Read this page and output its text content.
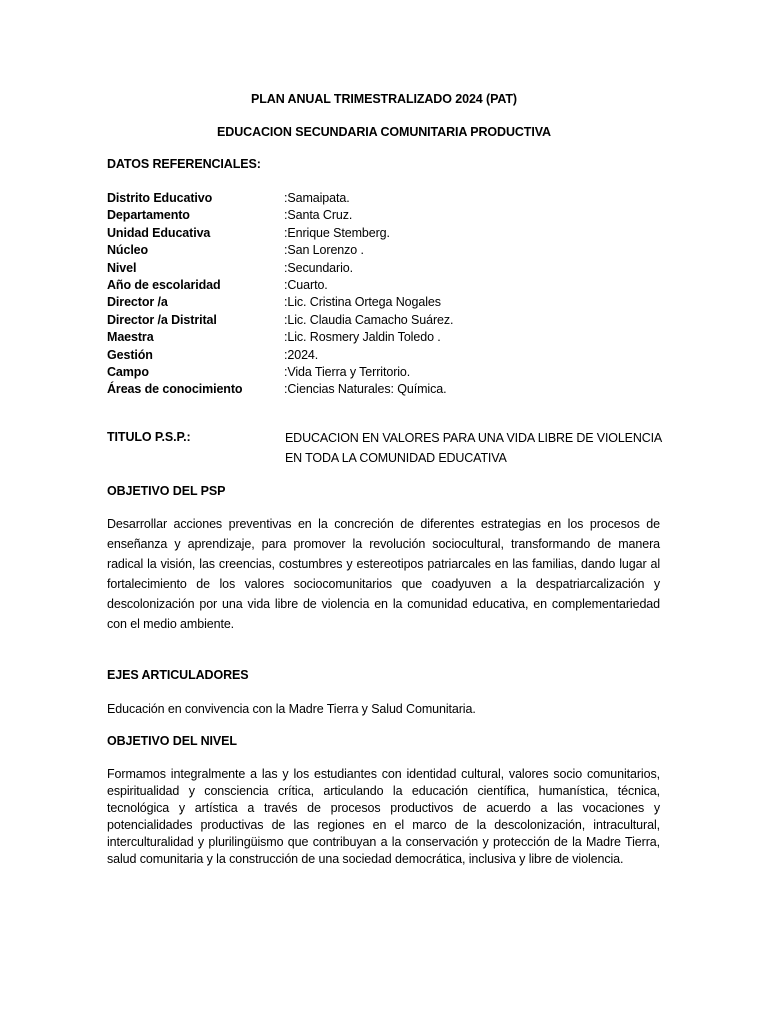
PLAN ANUAL TRIMESTRALIZADO 2024 (PAT)
EDUCACION SECUNDARIA COMUNITARIA PRODUCTIVA
DATOS REFERENCIALES:
Distrito Educativo	:Samaipata.
Departamento	:Santa Cruz.
Unidad Educativa	:Enrique Stemberg.
Núcleo	:San Lorenzo .
Nivel	:Secundario.
Año de escolaridad	:Cuarto.
Director /a	:Lic. Cristina Ortega Nogales
Director /a Distrital	:Lic. Claudia Camacho Suárez.
Maestra	:Lic. Rosmery Jaldin Toledo .
Gestión	:2024.
Campo	:Vida Tierra y Territorio.
Áreas de conocimiento	:Ciencias Naturales: Química.
TITULO P.S.P.:	EDUCACION EN VALORES PARA UNA VIDA LIBRE DE VIOLENCIA EN TODA LA COMUNIDAD EDUCATIVA
OBJETIVO DEL PSP
Desarrollar acciones preventivas en la concreción de diferentes estrategias en los procesos de enseñanza y aprendizaje, para promover la revolución sociocultural, transformando de manera radical la visión, las creencias, costumbres y estereotipos patriarcales en las familias, dando lugar al fortalecimiento de los valores sociocomunitarios que coadyuven a la despatriarcalización y descolonización por una vida libre de violencia en la comunidad educativa, en complementariedad con el medio ambiente.
EJES ARTICULADORES
Educación en convivencia con la Madre Tierra y Salud Comunitaria.
OBJETIVO DEL NIVEL
Formamos integralmente a las y los estudiantes con identidad cultural, valores socio comunitarios, espiritualidad y consciencia crítica, articulando la educación científica, humanística, técnica, tecnológica y artística a través de procesos productivos de acuerdo a las vocaciones y potencialidades productivas de las regiones en el marco de la descolonización, intracultural, interculturalidad y plurilingüismo que contribuyan a la conservación y protección de la Madre Tierra, salud comunitaria y la construcción de una sociedad democrática, inclusiva y libre de violencia.
